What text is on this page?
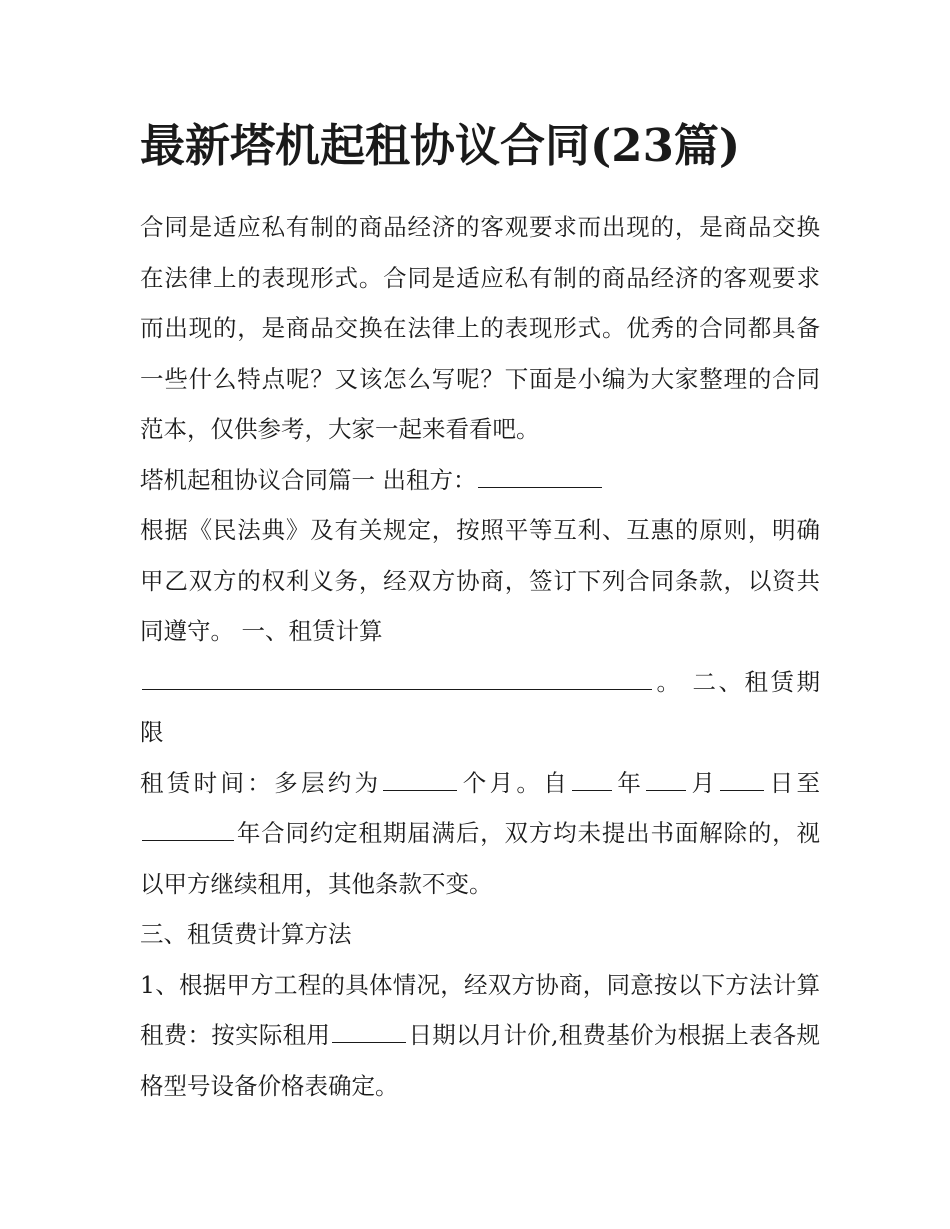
最新塔机起租协议合同(23篇)

合同是适应私有制的商品经济的客观要求而出现的，是商品交换在法律上的表现形式。合同是适应私有制的商品经济的客观要求而出现的，是商品交换在法律上的表现形式。优秀的合同都具备一些什么特点呢？又该怎么写呢？下面是小编为大家整理的合同范本，仅供参考，大家一起来看看吧。

塔机起租协议合同篇一 出租方：

根据《民法典》及有关规定，按照平等互利、互惠的原则，明确甲乙双方的权利义务，经双方协商，签订下列合同条款，以资共同遵守。 一、租赁计算

。 二、租赁期限

租赁时间：多层约为	个月。自 年 月 日至年合同约定租期届满后，双方均未提出书面解除的，视以甲方继续租用，其他条款不变。

三、租赁费计算方法

1、根据甲方工程的具体情况，经双方协商，同意按以下方法计算租费：按实际租用	日期以月计价,租费基价为根据上表各规格型号设备价格表确定。
